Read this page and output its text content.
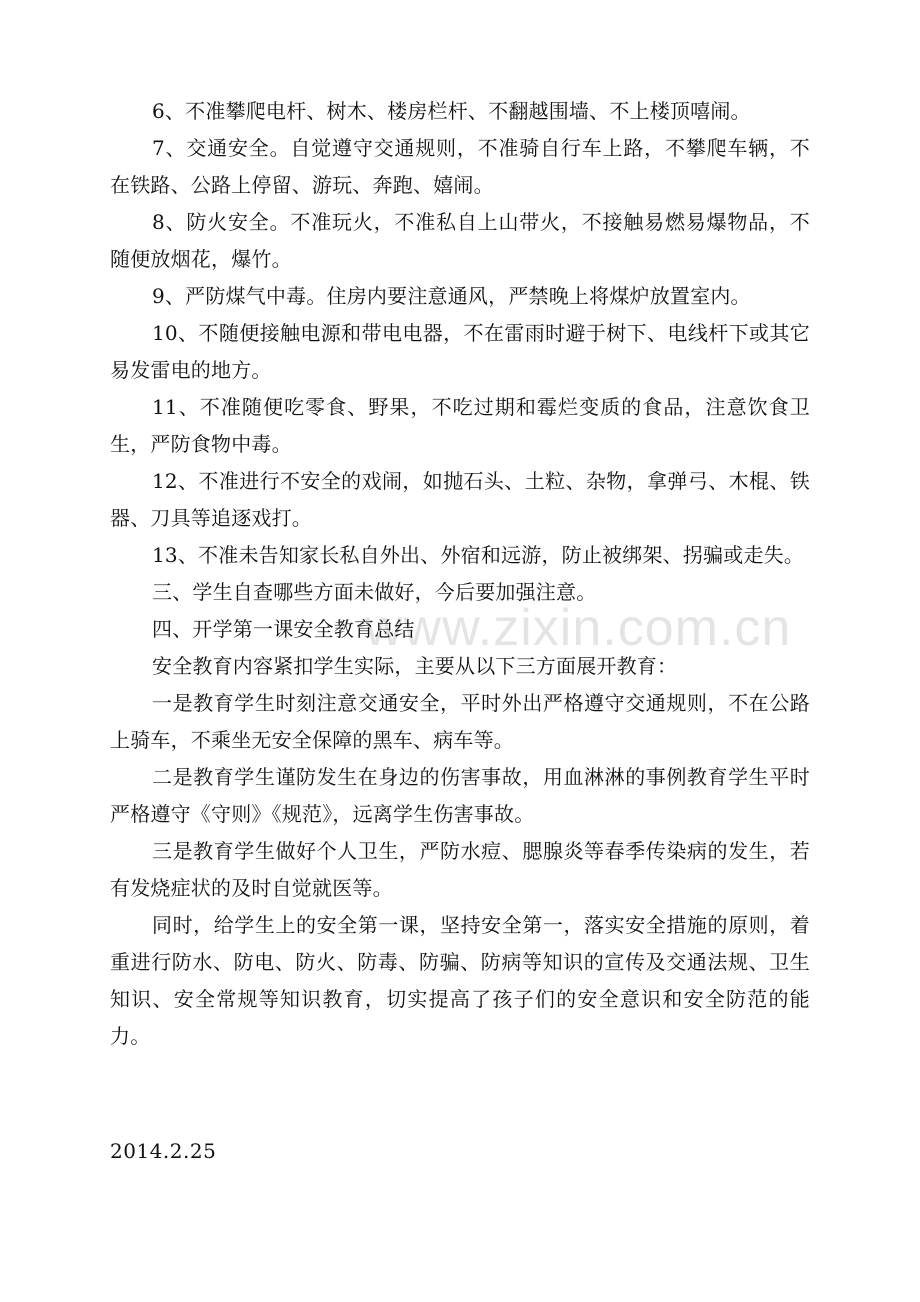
6、不准攀爬电杆、树木、楼房栏杆、不翻越围墙、不上楼顶嘻闹。

7、交通安全。自觉遵守交通规则，不准骑自行车上路，不攀爬车辆，不在铁路、公路上停留、游玩、奔跑、嬉闹。

8、防火安全。不准玩火，不准私自上山带火，不接触易燃易爆物品，不随便放烟花，爆竹。

9、严防煤气中毒。住房内要注意通风，严禁晚上将煤炉放置室内。

10、不随便接触电源和带电电器，不在雷雨时避于树下、电线杆下或其它易发雷电的地方。

11、不准随便吃零食、野果，不吃过期和霉烂变质的食品，注意饮食卫生，严防食物中毒。

12、不准进行不安全的戏闹，如抛石头、土粒、杂物，拿弹弓、木棍、铁器、刀具等追逐戏打。

13、不准未告知家长私自外出、外宿和远游，防止被绑架、拐骗或走失。

三、学生自查哪些方面未做好，今后要加强注意。

四、开学第一课安全教育总结

安全教育内容紧扣学生实际，主要从以下三方面展开教育：

一是教育学生时刻注意交通安全，平时外出严格遵守交通规则，不在公路上骑车，不乘坐无安全保障的黑车、病车等。

二是教育学生谨防发生在身边的伤害事故，用血淋淋的事例教育学生平时严格遵守《守则》《规范》，远离学生伤害事故。

三是教育学生做好个人卫生，严防水痘、腮腺炎等春季传染病的发生，若有发烧症状的及时自觉就医等。

同时，给学生上的安全第一课，坚持安全第一，落实安全措施的原则，着重进行防水、防电、防火、防毒、防骗、防病等知识的宣传及交通法规、卫生知识、安全常规等知识教育，切实提高了孩子们的安全意识和安全防范的能力。

2014.2.25
www.zixin.com.cn
